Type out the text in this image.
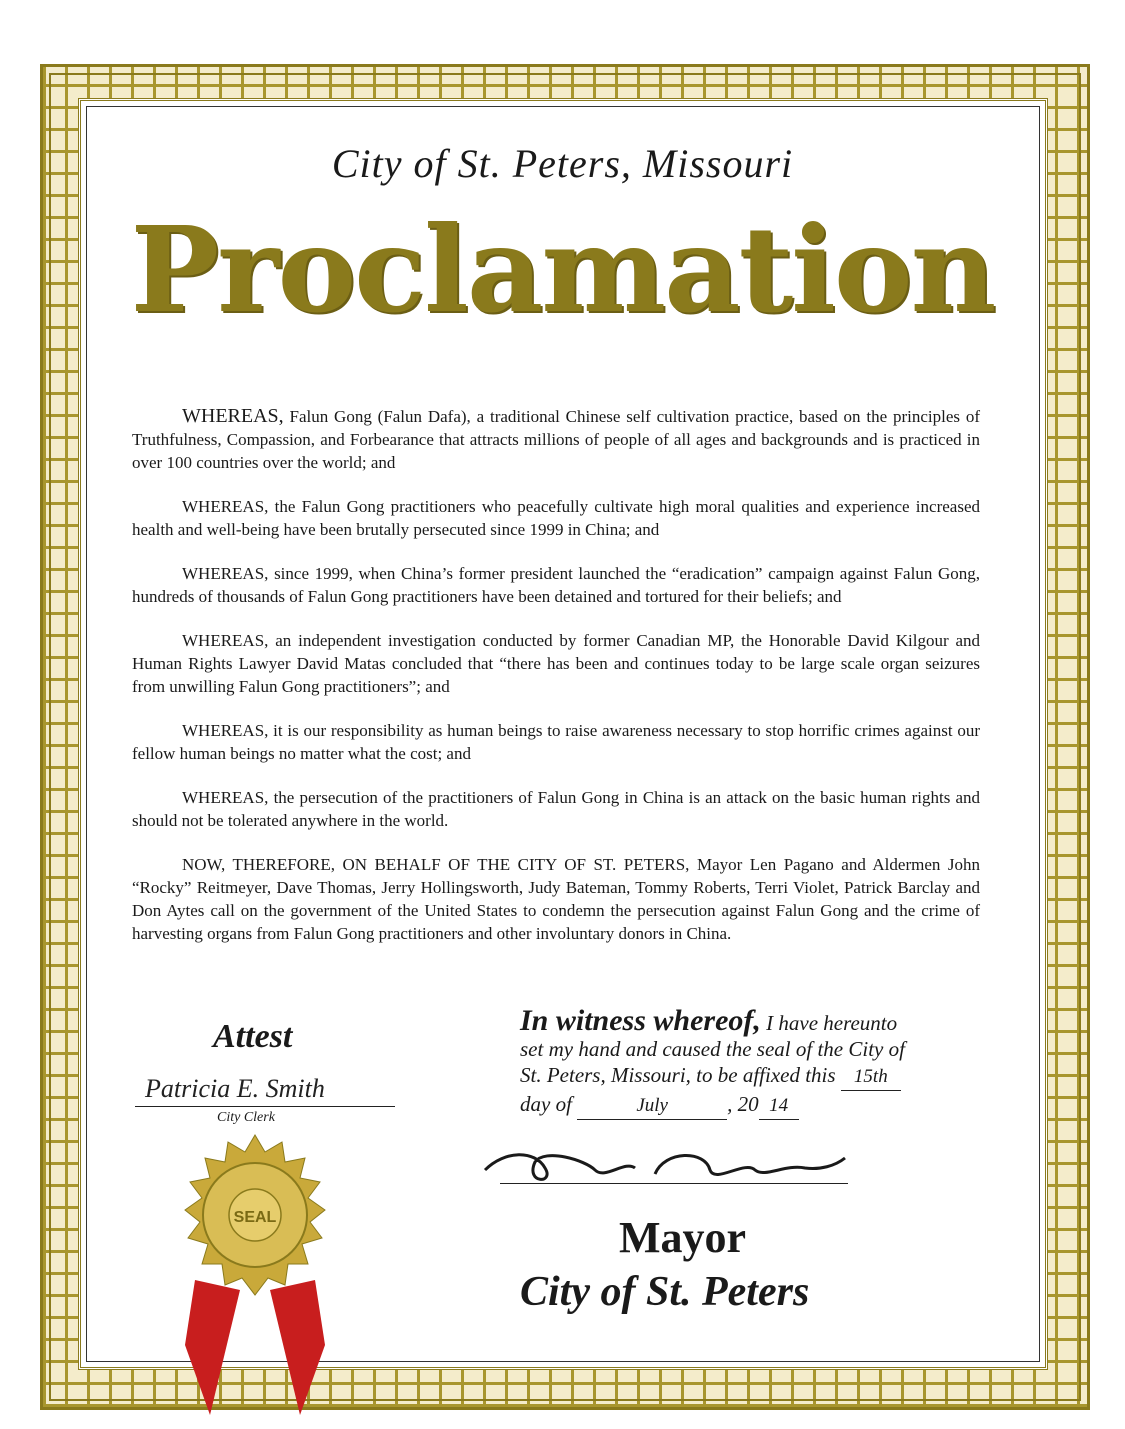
City of St. Peters, Missouri
Proclamation

WHEREAS, Falun Gong (Falun Dafa), a traditional Chinese self cultivation practice, based on the principles of Truthfulness, Compassion, and Forbearance that attracts millions of people of all ages and backgrounds and is practiced in over 100 countries over the world; and

WHEREAS, the Falun Gong practitioners who peacefully cultivate high moral qualities and experience increased health and well-being have been brutally persecuted since 1999 in China; and

WHEREAS, since 1999, when China’s former president launched the “eradication” campaign against Falun Gong, hundreds of thousands of Falun Gong practitioners have been detained and tortured for their beliefs; and

WHEREAS, an independent investigation conducted by former Canadian MP, the Honorable David Kilgour and Human Rights Lawyer David Matas concluded that “there has been and continues today to be large scale organ seizures from unwilling Falun Gong practitioners”; and

WHEREAS, it is our responsibility as human beings to raise awareness necessary to stop horrific crimes against our fellow human beings no matter what the cost; and

WHEREAS, the persecution of the practitioners of Falun Gong in China is an attack on the basic human rights and should not be tolerated anywhere in the world.

NOW, THEREFORE, ON BEHALF OF THE CITY OF ST. PETERS, Mayor Len Pagano and Aldermen John “Rocky” Reitmeyer, Dave Thomas, Jerry Hollingsworth, Judy Bateman, Tommy Roberts, Terri Violet, Patrick Barclay and Don Aytes call on the government of the United States to condemn the persecution against Falun Gong and the crime of harvesting organs from Falun Gong practitioners and other involuntary donors in China.

Attest
Patricia E. Smith
City Clerk
In witness whereof, I have hereunto
set my hand and caused the seal of the City of
St. Peters, Missouri, to be affixed this 15th
day of	July	, 20 14
Mayor
City of St. Peters
SEAL
